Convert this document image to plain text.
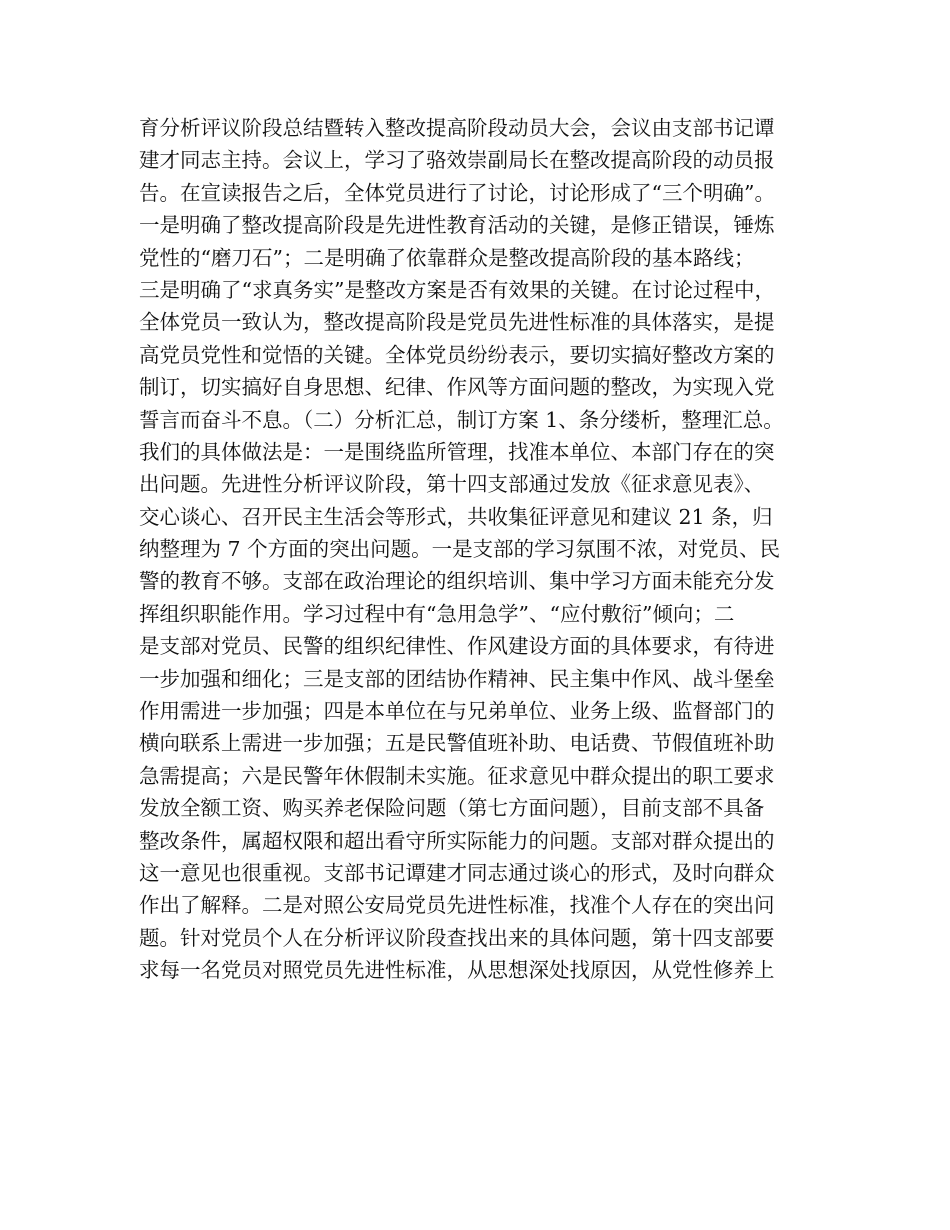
育分析评议阶段总结暨转入整改提高阶段动员大会，会议由支部书记谭
建才同志主持。会议上，学习了骆效崇副局长在整改提高阶段的动员报
告。在宣读报告之后，全体党员进行了讨论，讨论形成了“三个明确”。
一是明确了整改提高阶段是先进性教育活动的关键，是修正错误，锤炼
党性的“磨刀石”；二是明确了依靠群众是整改提高阶段的基本路线；
三是明确了“求真务实”是整改方案是否有效果的关键。在讨论过程中，
全体党员一致认为，整改提高阶段是党员先进性标准的具体落实，是提
高党员党性和觉悟的关键。全体党员纷纷表示，要切实搞好整改方案的
制订，切实搞好自身思想、纪律、作风等方面问题的整改，为实现入党
誓言而奋斗不息。（二）分析汇总，制订方案 1、条分缕析，整理汇总。
我们的具体做法是：一是围绕监所管理，找准本单位、本部门存在的突
出问题。先进性分析评议阶段，第十四支部通过发放《征求意见表》、
交心谈心、召开民主生活会等形式，共收集征评意见和建议 21 条，归
纳整理为 7 个方面的突出问题。一是支部的学习氛围不浓，对党员、民
警的教育不够。支部在政治理论的组织培训、集中学习方面未能充分发
挥组织职能作用。学习过程中有“急用急学”、“应付敷衍”倾向；二
是支部对党员、民警的组织纪律性、作风建设方面的具体要求，有待进
一步加强和细化；三是支部的团结协作精神、民主集中作风、战斗堡垒
作用需进一步加强；四是本单位在与兄弟单位、业务上级、监督部门的
横向联系上需进一步加强；五是民警值班补助、电话费、节假值班补助
急需提高；六是民警年休假制未实施。征求意见中群众提出的职工要求
发放全额工资、购买养老保险问题（第七方面问题），目前支部不具备
整改条件，属超权限和超出看守所实际能力的问题。支部对群众提出的
这一意见也很重视。支部书记谭建才同志通过谈心的形式，及时向群众
作出了解释。二是对照公安局党员先进性标准，找准个人存在的突出问
题。针对党员个人在分析评议阶段查找出来的具体问题，第十四支部要
求每一名党员对照党员先进性标准，从思想深处找原因，从党性修养上
